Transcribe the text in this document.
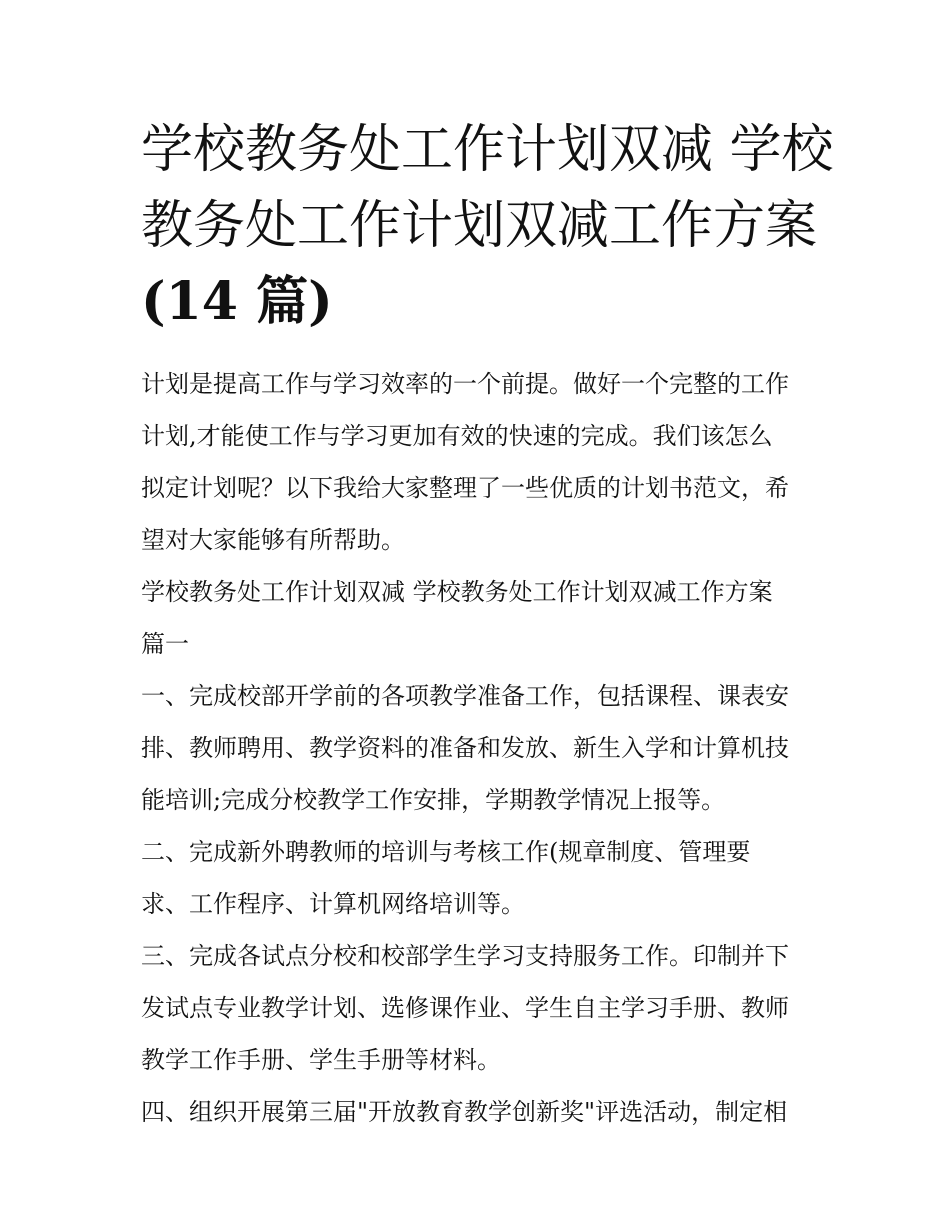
学校教务处工作计划双减 学校
教务处工作计划双减工作方案
(14 篇)

计划是提高工作与学习效率的一个前提。做好一个完整的工作
计划,才能使工作与学习更加有效的快速的完成。我们该怎么
拟定计划呢？以下我给大家整理了一些优质的计划书范文，希
望对大家能够有所帮助。

学校教务处工作计划双减 学校教务处工作计划双减工作方案
篇一

一、完成校部开学前的各项教学准备工作，包括课程、课表安
排、教师聘用、教学资料的准备和发放、新生入学和计算机技
能培训;完成分校教学工作安排，学期教学情况上报等。

二、完成新外聘教师的培训与考核工作(规章制度、管理要
求、工作程序、计算机网络培训等。

三、完成各试点分校和校部学生学习支持服务工作。印制并下
发试点专业教学计划、选修课作业、学生自主学习手册、教师
教学工作手册、学生手册等材料。

四、组织开展第三届"开放教育教学创新奖"评选活动，制定相
